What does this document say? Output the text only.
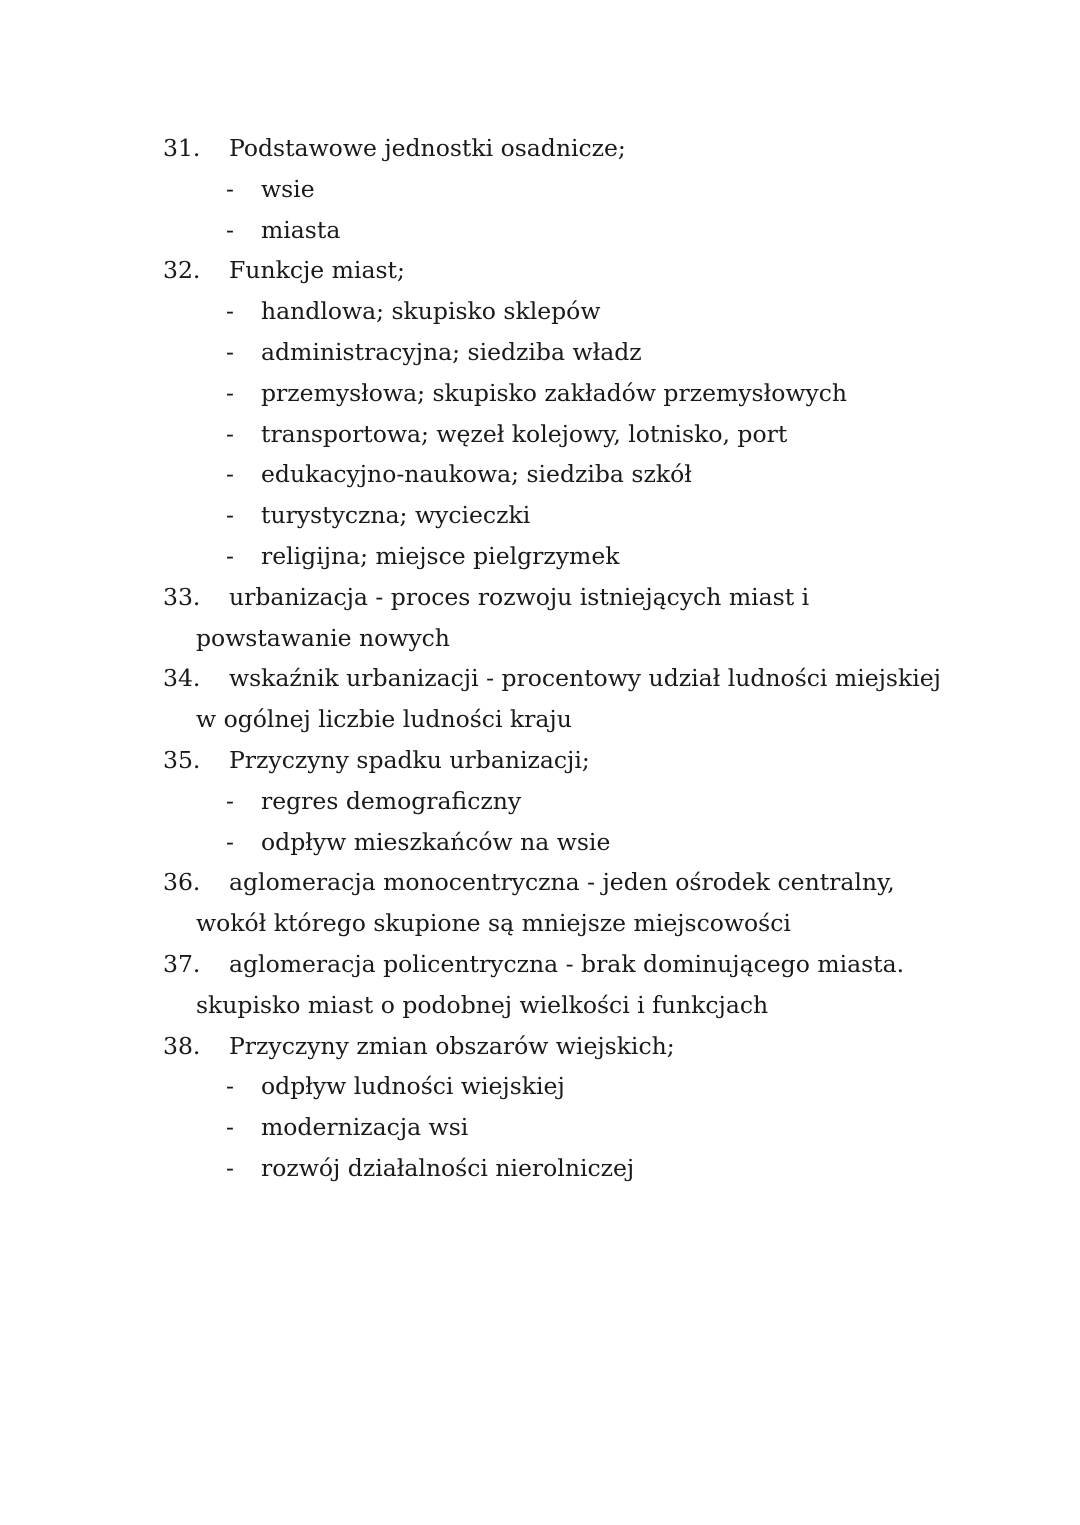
31.	Podstawowe jednostki osadnicze;
- wsie
- miasta
32.	Funkcje miast;
- handlowa; skupisko sklepów
- administracyjna; siedziba władz
- przemysłowa; skupisko zakładów przemysłowych
- transportowa; węzeł kolejowy, lotnisko, port
- edukacyjno-naukowa; siedziba szkół
- turystyczna; wycieczki
- religijna; miejsce pielgrzymek
33.	urbanizacja - proces rozwoju istniejących miast i powstawanie nowych
34.	wskaźnik urbanizacji - procentowy udział ludności miejskiej w ogólnej liczbie ludności kraju
35.	Przyczyny spadku urbanizacji;
- regres demograficzny
- odpływ mieszkańców na wsie
36.	aglomeracja monocentryczna - jeden ośrodek centralny, wokół którego skupione są mniejsze miejscowości
37.	aglomeracja policentryczna - brak dominującego miasta. skupisko miast o podobnej wielkości i funkcjach
38.	Przyczyny zmian obszarów wiejskich;
- odpływ ludności wiejskiej
- modernizacja wsi
- rozwój działalności nierolniczej
